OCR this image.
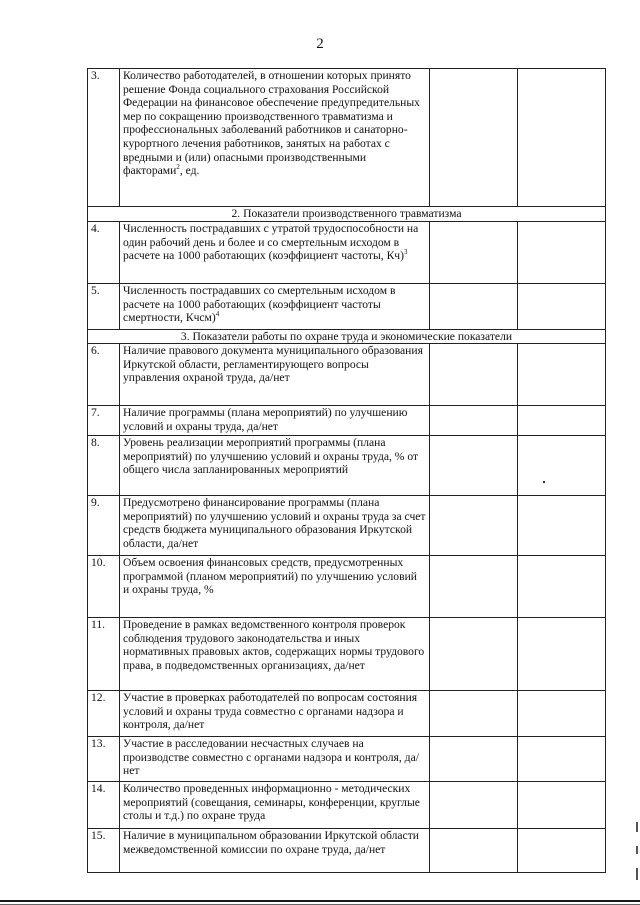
2
3.	Количество работодателей, в отношении которых принято решение Фонда социального страхования Российской Федерации на финансовое обеспечение предупредительных мер по сокращению производственного травматизма и профессиональных заболеваний работников и санаторно-курортного лечения работников, занятых на работах с вредными и (или) опасными производственными факторами$^2$, ед.		
2. Показатели производственного травматизма			
4.	Численность пострадавших с утратой трудоспособности на один рабочий день и более и со смертельным исходом в расчете на 1000 работающих (коэффициент частоты, Кч)$^3$		
5.	Численность пострадавших со смертельным исходом в расчете на 1000 работающих (коэффициент частоты смертности, Кчсм)$^4$		
3. Показатели работы по охране труда и экономические показатели			
6.	Наличие правового документа муниципального образования Иркутской области, регламентирующего вопросы управления охраной труда, да/нет		
7.	Наличие программы (плана мероприятий) по улучшению условий и охраны труда, да/нет		
8.	Уровень реализации мероприятий программы (плана мероприятий) по улучшению условий и охраны труда, % от общего числа запланированных мероприятий		
9.	Предусмотрено финансирование программы (плана мероприятий) по улучшению условий и охраны труда за счет средств бюджета муниципального образования Иркутской области, да/нет		
10.	Объем освоения финансовых средств, предусмотренных программой (планом мероприятий) по улучшению условий и охраны труда, %		
11.	Проведение в рамках ведомственного контроля проверок соблюдения трудового законодательства и иных нормативных правовых актов, содержащих нормы трудового права, в подведомственных организациях, да/нет		
12.	Участие в проверках работодателей по вопросам состояния условий и охраны труда совместно с органами надзора и контроля, да/нет		
13.	Участие в расследовании несчастных случаев на производстве совместно с органами надзора и контроля, да/нет		
14.	Количество проведенных информационно - методических мероприятий (совещания, семинары, конференции, круглые столы и т.д.) по охране труда		
15.	Наличие в муниципальном образовании Иркутской области межведомственной комиссии по охране труда, да/нет		
